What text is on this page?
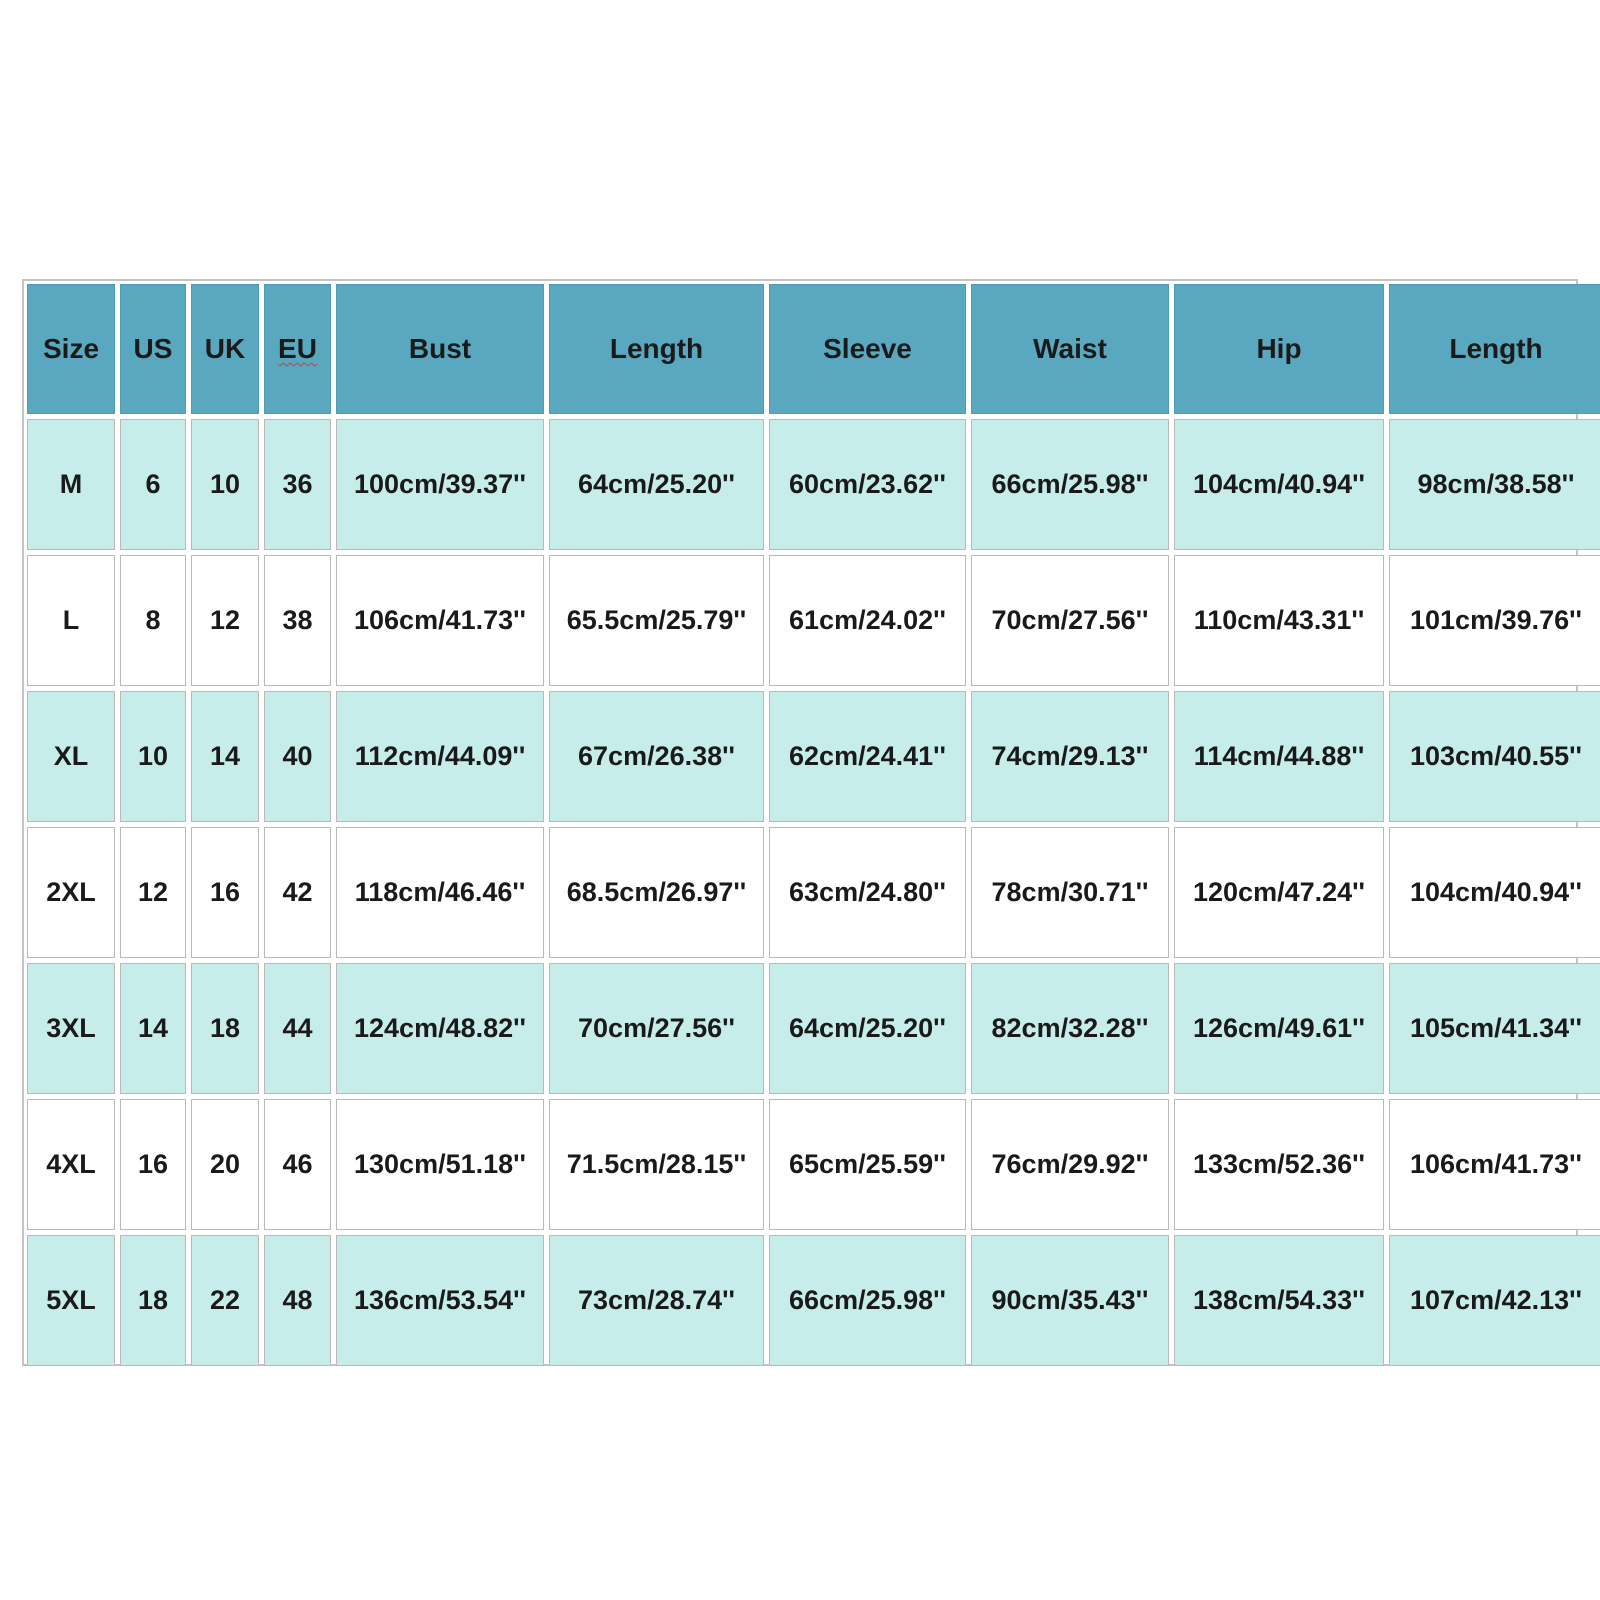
Size	US	UK	EU	Bust	Length	Sleeve	Waist	Hip	Length
M	6	10	36	100cm/39.37''	64cm/25.20''	60cm/23.62''	66cm/25.98''	104cm/40.94''	98cm/38.58''
L	8	12	38	106cm/41.73''	65.5cm/25.79''	61cm/24.02''	70cm/27.56''	110cm/43.31''	101cm/39.76''
XL	10	14	40	112cm/44.09''	67cm/26.38''	62cm/24.41''	74cm/29.13''	114cm/44.88''	103cm/40.55''
2XL	12	16	42	118cm/46.46''	68.5cm/26.97''	63cm/24.80''	78cm/30.71''	120cm/47.24''	104cm/40.94''
3XL	14	18	44	124cm/48.82''	70cm/27.56''	64cm/25.20''	82cm/32.28''	126cm/49.61''	105cm/41.34''
4XL	16	20	46	130cm/51.18''	71.5cm/28.15''	65cm/25.59''	76cm/29.92''	133cm/52.36''	106cm/41.73''
5XL	18	22	48	136cm/53.54''	73cm/28.74''	66cm/25.98''	90cm/35.43''	138cm/54.33''	107cm/42.13''
